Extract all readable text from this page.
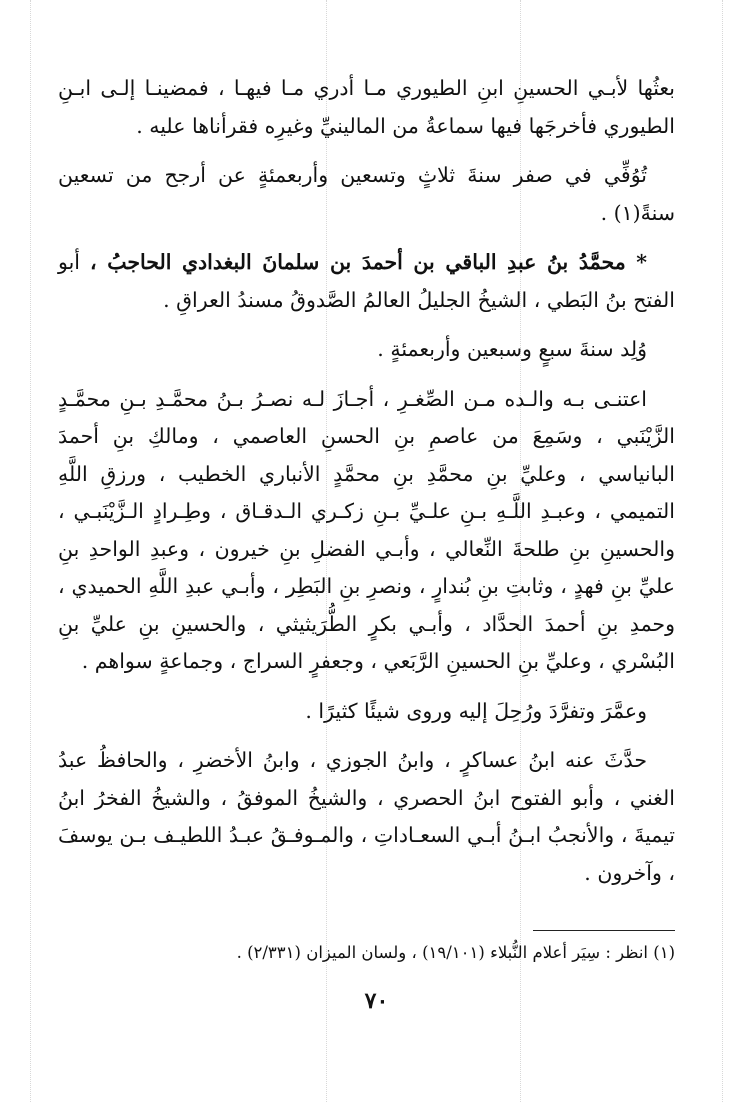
بعثُها لأبـي الحسينِ ابنِ الطيوري مـا أدري مـا فيهـا ، فمضينـا إلـى ابـنِ الطيوري فأخرجَها فيها سماعةُ من المالينيِّ وغيرِه فقرأناها عليه .

تُوُفِّي في صفر سنةَ ثلاثٍ وتسعين وأربعمئةٍ عن أرجح من تسعين سنةً(١) .

* محمَّدُ بنُ عبدِ الباقي بن أحمدَ بن سلمانَ البغدادي الحاجبُ ، أبو الفتح بنُ البَطي ، الشيخُ الجليلُ العالمُ الصَّدوقُ مسندُ العراقِ .

وُلِد سنةَ سبعٍ وسبعين وأربعمئةٍ .

اعتنـى بـه والـده مـن الصِّغـرِ ، أجـازَ لـه نصـرُ بـنُ محمَّـدِ بـنِ محمَّـدٍ الزَّيْنَبي ، وسَمِعَ من عاصمِ بنِ الحسنِ العاصمي ، ومالكِ بنِ أحمدَ البانياسي ، وعليِّ بنِ محمَّدِ بنِ محمَّدٍ الأنباري الخطيب ، ورزقِ اللَّهِ التميمي ، وعبـدِ اللَّـهِ بـنِ علـيِّ بـنِ زكـري الـدقـاق ، وطِـرادٍ الـزَّيْنَبـي ، والحسينِ بنِ طلحةَ النِّعالي ، وأبـي الفضلِ بنِ خيرون ، وعبدِ الواحدِ بنِ عليِّ بنِ فهدٍ ، وثابتِ بنِ بُندارٍ ، ونصرِ بنِ البَطِر ، وأبـي عبدِ اللَّهِ الحميدي ، وحمدِ بنِ أحمدَ الحدَّاد ، وأبـي بكرٍ الطُّرَيثيثي ، والحسينِ بنِ عليِّ بنِ البُسْري ، وعليِّ بنِ الحسينِ الرَّبَعي ، وجعفرٍ السراج ، وجماعةٍ سواهم .

وعمَّرَ وتفرَّدَ ورُحِلَ إليه وروى شيئًا كثيرًا .

حدَّثَ عنه ابنُ عساكرٍ ، وابنُ الجوزي ، وابنُ الأخضرِ ، والحافظُ عبدُ الغني ، وأبو الفتوح ابنُ الحصري ، والشيخُ الموفقُ ، والشيخُ الفخرُ ابنُ تيميةَ ، والأنجبُ ابـنُ أبـي السعـاداتِ ، والمـوفـقُ عبـدُ اللطيـف بـن يوسفَ ، وآخرون .

(١) انظر : سِيَر أعلام النُّبلاء (١٩/١٠١) ، ولسان الميزان (٢/٣٣١) .
٧٠
